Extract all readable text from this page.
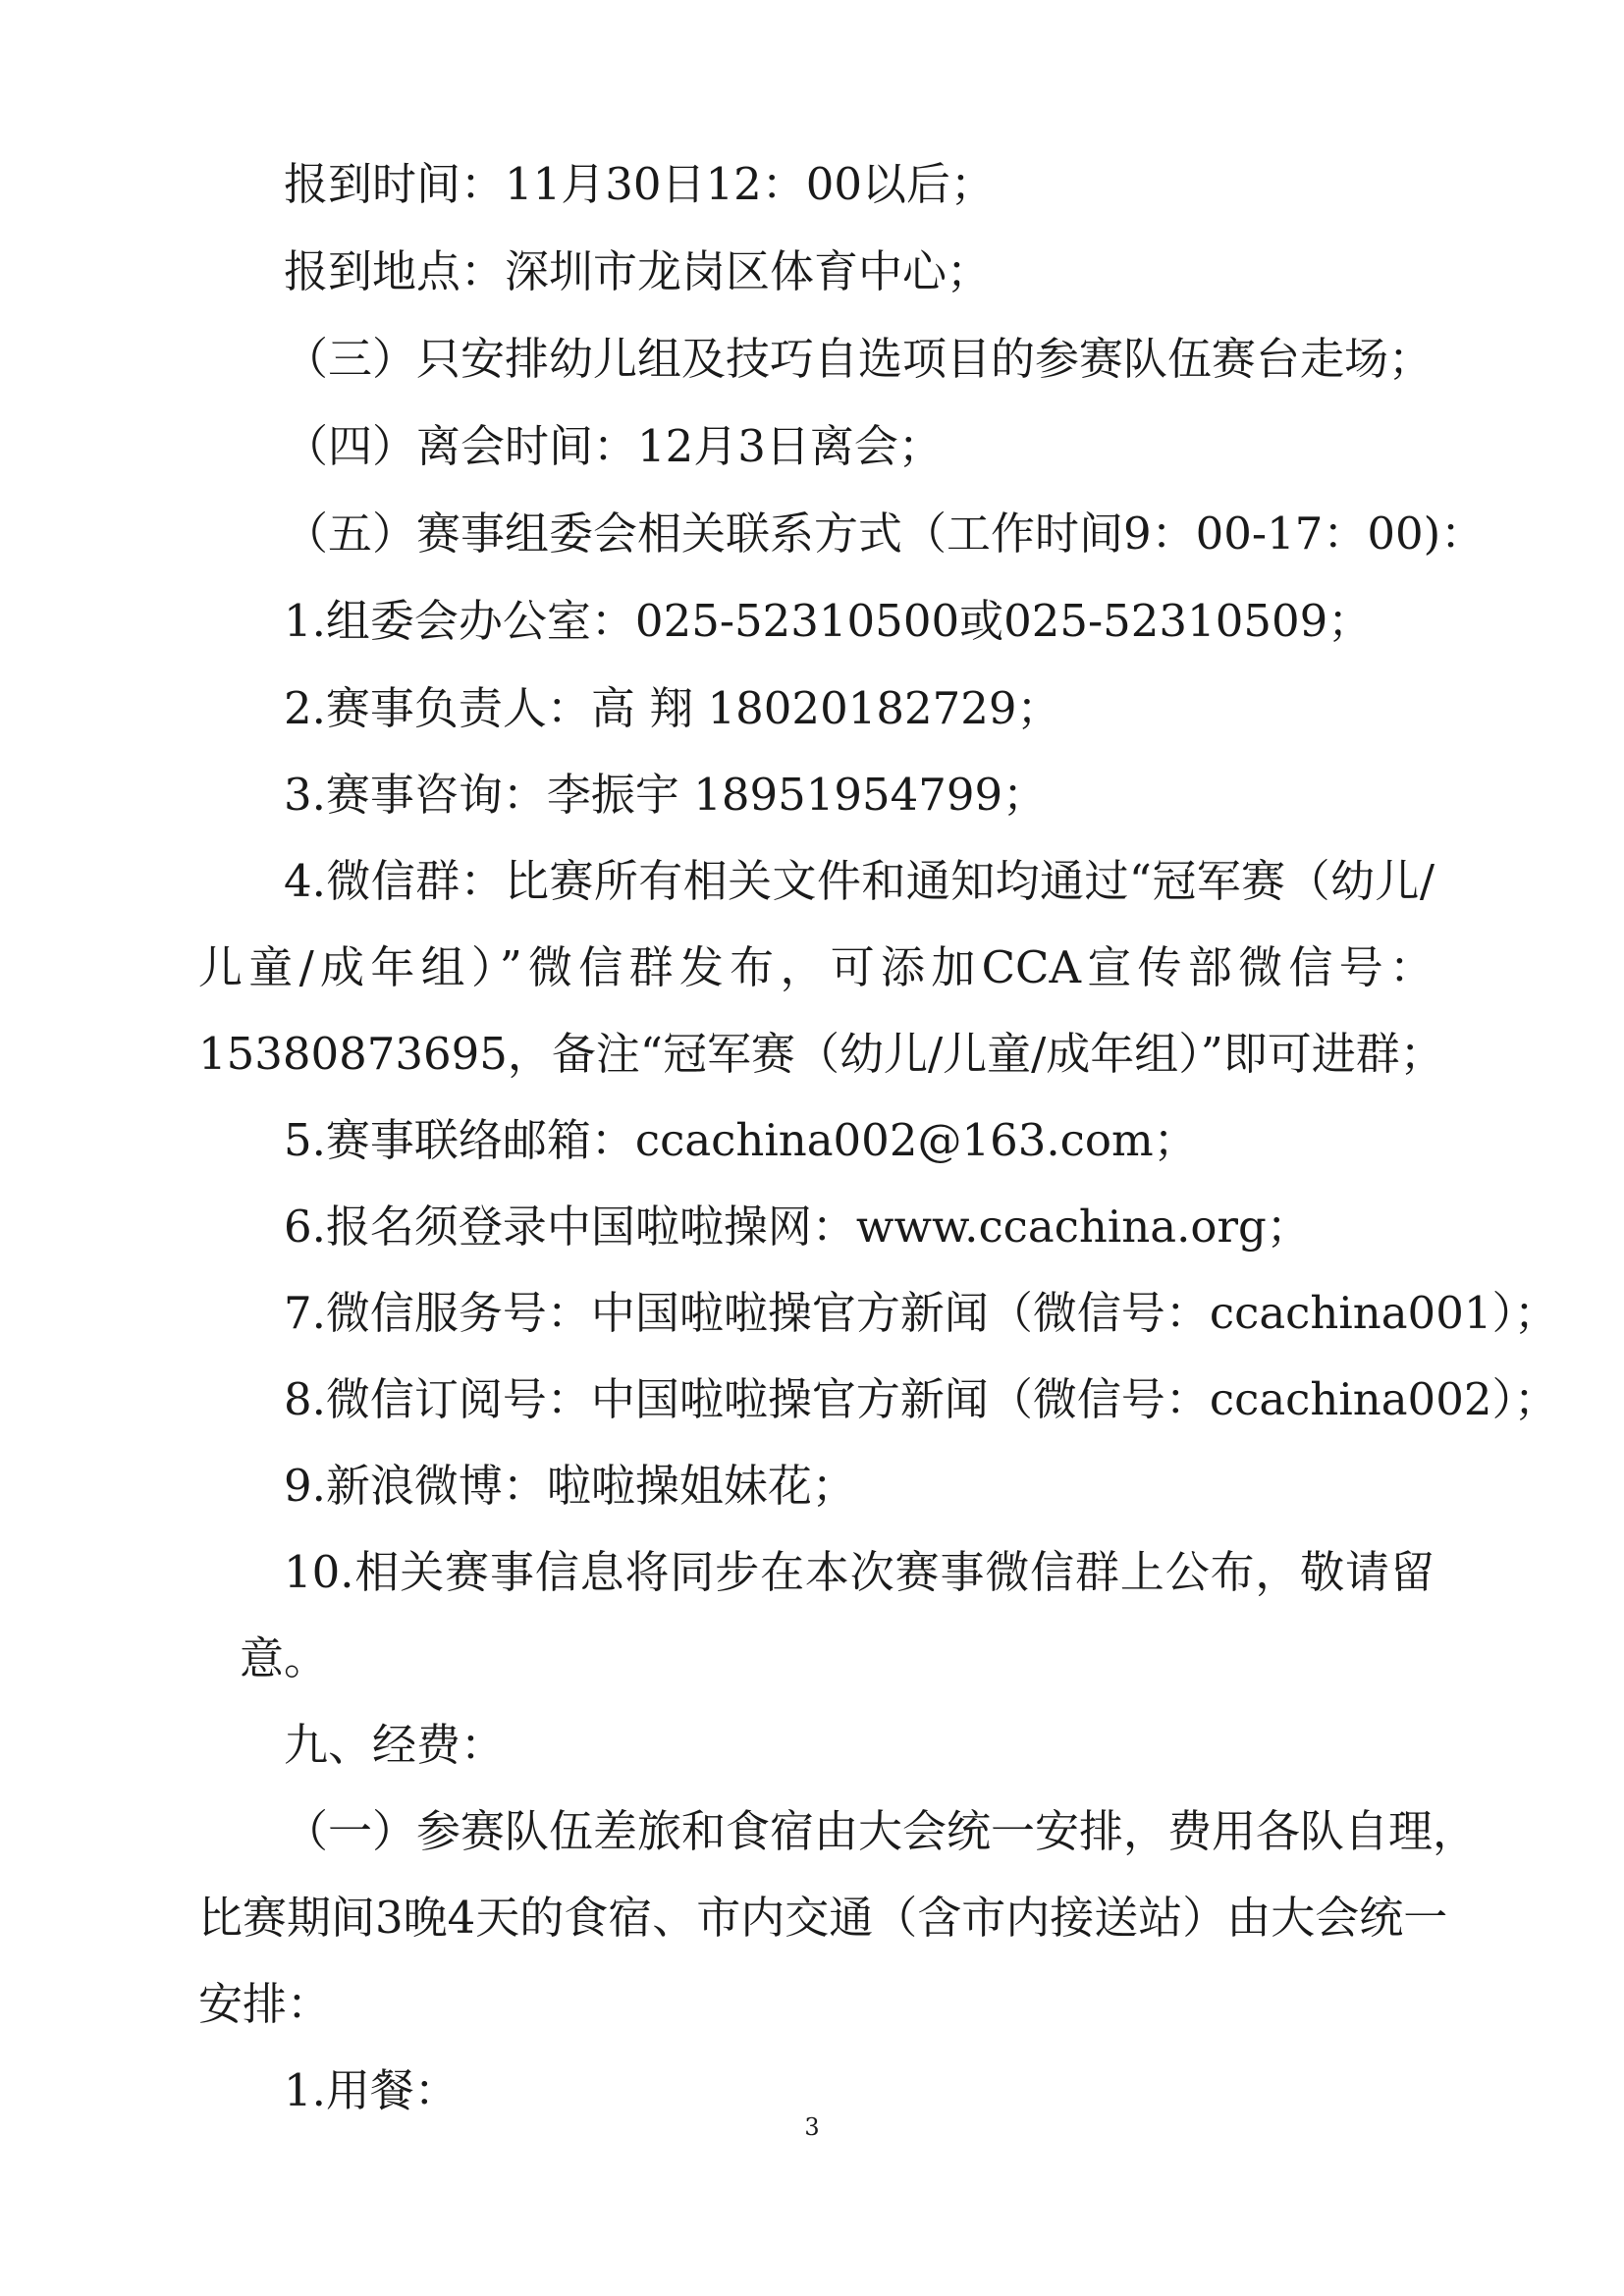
报到时间：11月30日12：00以后；
报到地点：深圳市龙岗区体育中心；
（三）只安排幼儿组及技巧自选项目的参赛队伍赛台走场；
（四）离会时间：12月3日离会；
（五）赛事组委会相关联系方式（工作时间9：00-17：00)：
1.组委会办公室：025-52310500或025-52310509；
2.赛事负责人：高 翔 18020182729；
3.赛事咨询：李振宇 18951954799；
4.微信群：比赛所有相关文件和通知均通过“冠军赛（幼儿/
儿童/成年组）”微信群发布，可添加CCA宣传部微信号：
15380873695，备注“冠军赛（幼儿/儿童/成年组）”即可进群；
5.赛事联络邮箱：ccachina002@163.com；
6.报名须登录中国啦啦操网：www.ccachina.org；
7.微信服务号：中国啦啦操官方新闻（微信号：ccachina001）；
8.微信订阅号：中国啦啦操官方新闻（微信号：ccachina002）；
9.新浪微博：啦啦操姐妹花；
10.相关赛事信息将同步在本次赛事微信群上公布，敬请留
意。
九、经费：
（一）参赛队伍差旅和食宿由大会统一安排，费用各队自理，
比赛期间3晚4天的食宿、市内交通（含市内接送站）由大会统一
安排：
1.用餐：
3
